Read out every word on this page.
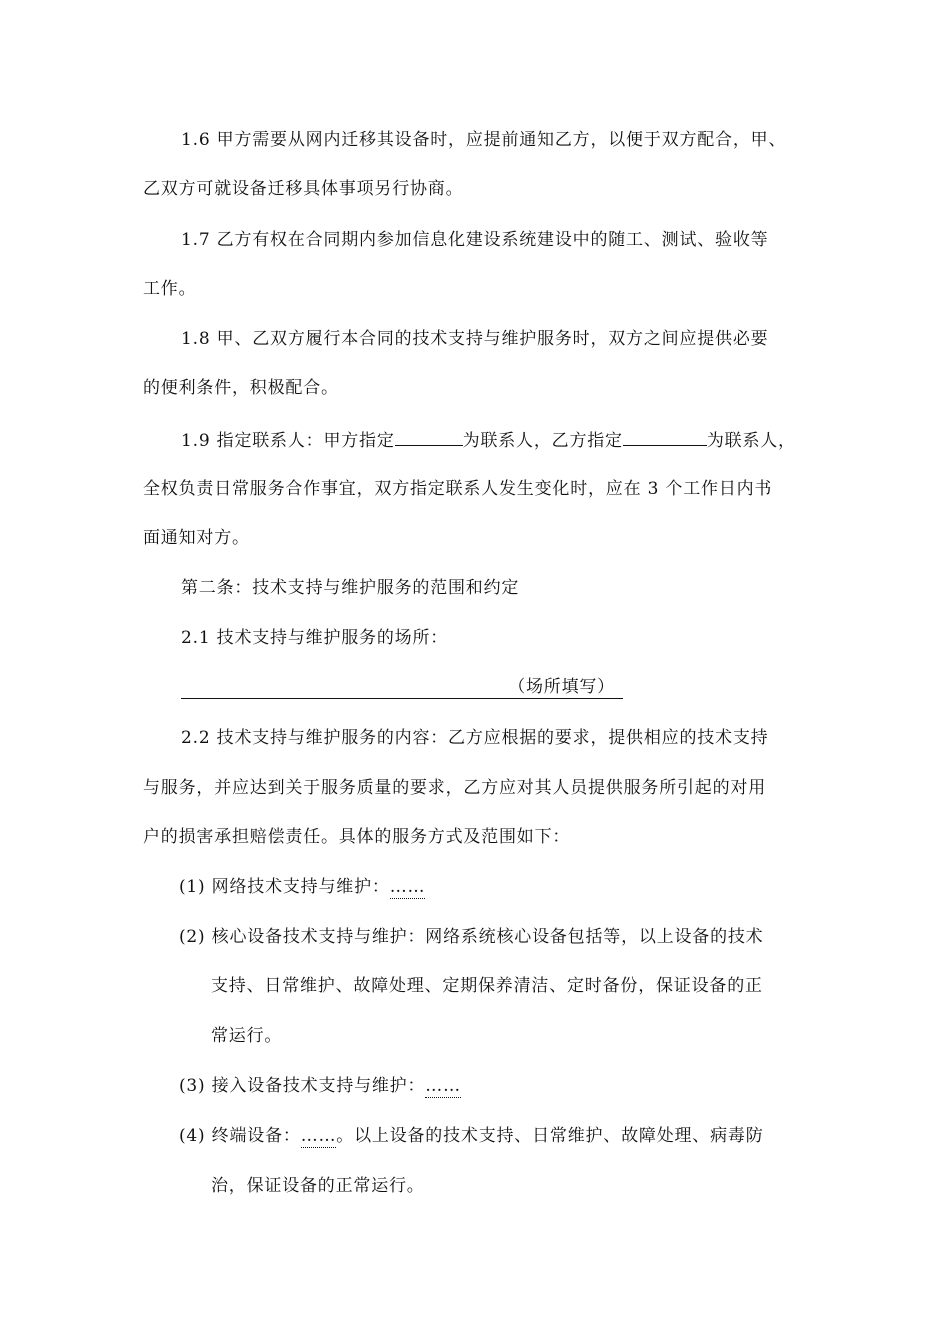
1.6 甲方需要从网内迁移其设备时，应提前通知乙方，以便于双方配合，甲、
乙双方可就设备迁移具体事项另行协商。
1.7 乙方有权在合同期内参加信息化建设系统建设中的随工、测试、验收等
工作。
1.8 甲、乙双方履行本合同的技术支持与维护服务时，双方之间应提供必要
的便利条件，积极配合。
1.9 指定联系人：甲方指定	为联系人，乙方指定	为联系人，
全权负责日常服务合作事宜，双方指定联系人发生变化时，应在 3 个工作日内书
面通知对方。
第二条：技术支持与维护服务的范围和约定
2.1 技术支持与维护服务的场所：
（场所填写）
2.2 技术支持与维护服务的内容：乙方应根据的要求，提供相应的技术支持
与服务，并应达到关于服务质量的要求，乙方应对其人员提供服务所引起的对用
户的损害承担赔偿责任。具体的服务方式及范围如下：
(1) 网络技术支持与维护：……
(2) 核心设备技术支持与维护：网络系统核心设备包括等，以上设备的技术
支持、日常维护、故障处理、定期保养清洁、定时备份，保证设备的正
常运行。
(3) 接入设备技术支持与维护：……
(4) 终端设备：……。以上设备的技术支持、日常维护、故障处理、病毒防
治，保证设备的正常运行。
